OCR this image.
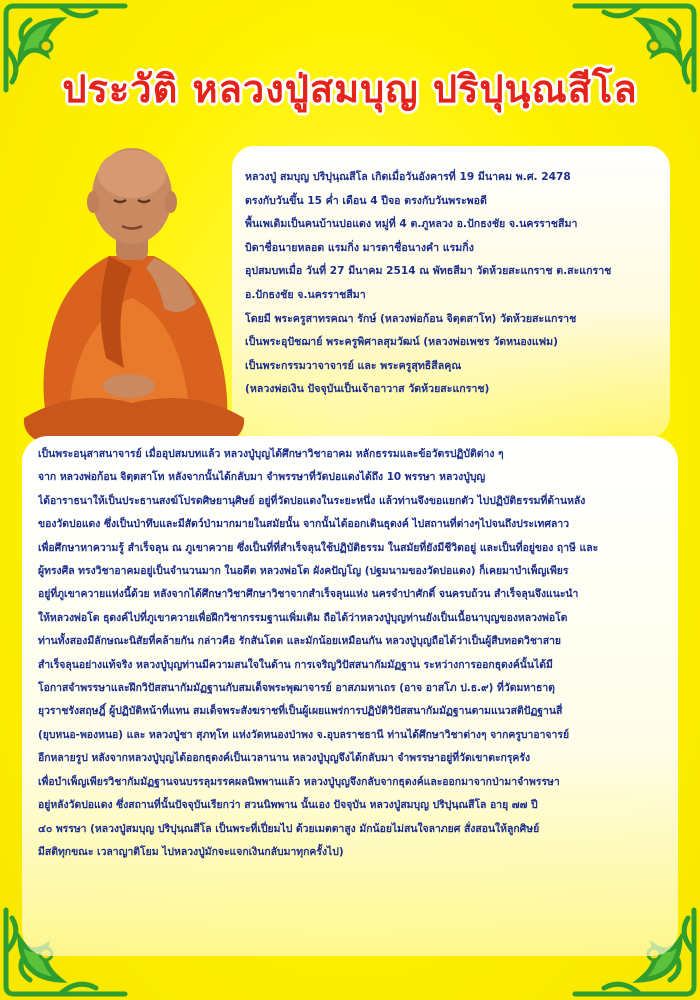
ประวัติ หลวงปู่สมบุญ ปริปุนฺณสีโล
หลวงปู่ สมบุญ ปริปุนฺณสีโล เกิดเมื่อวันอังคารที่ 19 มีนาคม พ.ศ. 2478
ตรงกับวันขึ้น 15 ค่ำ เดือน 4 ปีจอ ตรงกับวันพระพอดี
พื้นเพเดิมเป็นคนบ้านปอแดง หมู่ที่ 4 ต.ภูหลวง อ.ปักธงชัย จ.นครราชสีมา
บิดาชื่อนายหลอด แรมกิ่ง มารดาชื่อนางคำ แรมกิ่ง
อุปสมบทเมื่อ วันที่ 27 มีนาคม 2514 ณ พัทธสีมา วัดห้วยสะแกราช ต.สะแกราช
อ.ปักธงชัย จ.นครราชสีมา
โดยมี พระครูสาทรคณา รักษ์ (หลวงพ่อก้อน จิตฺตสาโท) วัดห้วยสะแกราช
เป็นพระอุปัชฌาย์ พระครูพิศาลสุมวัฒน์ (หลวงพ่อเพชร วัดหนองแฟม)
เป็นพระกรรมวาจาจารย์ และ พระครูสุทธิสีลคุณ
(หลวงพ่อเงิน ปัจจุบันเป็นเจ้าอาวาส วัดห้วยสะแกราช)
เป็นพระอนุสาสนาจารย์ เมื่ออุปสมบทแล้ว หลวงปู่บุญได้ศึกษาวิชาอาคม หลักธรรมและข้อวัตรปฏิบัติต่าง ๆ
จาก หลวงพ่อก้อน จิตฺตสาโท หลังจากนั้นได้กลับมา จำพรรษาที่วัดปอแดงได้ถึง 10 พรรษา หลวงปู่บุญ
ได้อาราธนาให้เป็นประธานสงฆ์โปรดศิษยานุศิษย์ อยู่ที่วัดปอแดงในระยะหนึ่ง แล้วท่านจึงขอแยกตัว ไปปฏิบัติธรรมที่ด้านหลัง
ของวัดปอแดง ซึ่งเป็นป่าทึบและมีสัตว์ป่ามากมายในสมัยนั้น จากนั้นได้ออกเดินธุดงค์ ไปสถานที่ต่างๆไปจนถึงประเทศลาว
เพื่อศึกษาหาความรู้ สำเร็จลุน ณ ภูเขาควาย ซึ่งเป็นที่ที่สำเร็จลุนใช้ปฏิบัติธรรม ในสมัยที่ยังมีชีวิตอยู่ และเป็นที่อยู่ของ ฤาษี และ
ผู้ทรงศีล ทรงวิชาอาคมอยู่เป็นจำนวนมาก ในอดีต หลวงพ่อโต ผังคปัญโญ (ปฐมนามของวัดปอแดง) ก็เคยมาบำเพ็ญเพียร
อยู่ที่ภูเขาควายแห่งนี้ด้วย หลังจากได้ศึกษาวิชาศึกษาวิชาจากสำเร็จลุนแห่ง นครจำปาศักดิ์ จนครบถ้วน สำเร็จลุนจึงแนะนำ
ให้หลวงพ่อโต ธุดงค์ไปที่ภูเขาควายเพื่อฝึกวิชากรรมฐานเพิ่มเติม ถือได้ว่าหลวงปู่บุญท่านยังเป็นเนื้อนาบุญของหลวงพ่อโต
ท่านทั้งสองมีลักษณะนิสัยที่คล้ายกัน กล่าวคือ รักสันโดด และมักน้อยเหมือนกัน หลวงปู่บุญถือได้ว่าเป็นผู้สืบทอดวิชาสาย
สำเร็จลุนอย่างแท้จริง หลวงปู่บุญท่านมีความสนใจในด้าน การเจริญวิปัสสนากัมมัฏฐาน ระหว่างการออกธุดงค์นั้นได้มี
โอกาสจำพรรษาและฝึกวิปัสสนากัมมัฏฐานกับสมเด็จพระพุฒาจารย์ อาสภมหาเถร (อาจ อาสโภ ป.ธ.๙) ที่วัดมหาธาตุ
ยุวราชรังสฤษฎิ์ ผู้ปฏิบัติหน้าที่แทน สมเด็จพระสังฆราชที่เป็นผู้เผยแพร่การปฏิบัติวิปัสสนากัมมัฏฐานตามแนวสติปัฏฐานสี่
(ยุบหนอ-พองหนอ) และ หลวงปู่ชา สุภทฺโท แห่งวัดหนองป่าพง จ.อุบลราชธานี ท่านได้ศึกษาวิชาต่างๆ จากครูบาอาจารย์
อีกหลายรูป หลังจากหลวงปู่บุญได้ออกธุดงค์เป็นเวลานาน หลวงปู่บุญจึงได้กลับมา จำพรรษาอยู่ที่วัดเขาตะกรุครัง
เพื่อบำเพ็ญเพียรวิชากัมมัฏฐานจนบรรลุมรรคผลนิพพานแล้ว หลวงปู่บุญจึงกลับจากธุดงค์และออกมาจากป่ามาจำพรรษา
อยู่หลังวัดปอแดง ซึ่งสถานที่นั้นปัจจุบันเรียกว่า สวนนิพพาน นั้นเอง ปัจจุบัน หลวงปู่สมบุญ ปริปุนฺณสีโล อายุ ๗๗ ปี
๔๐ พรรษา (หลวงปู่สมบุญ ปริปุนฺณสีโล เป็นพระที่เปี่ยมไป ด้วยเมตตาสูง มักน้อยไม่สนใจลาภยศ สั่งสอนให้ลูกศิษย์
มีสติทุกขณะ เวลาญาติโยม ไปหลวงปู่มักจะแจกเงินกลับมาทุกครั้งไป)
